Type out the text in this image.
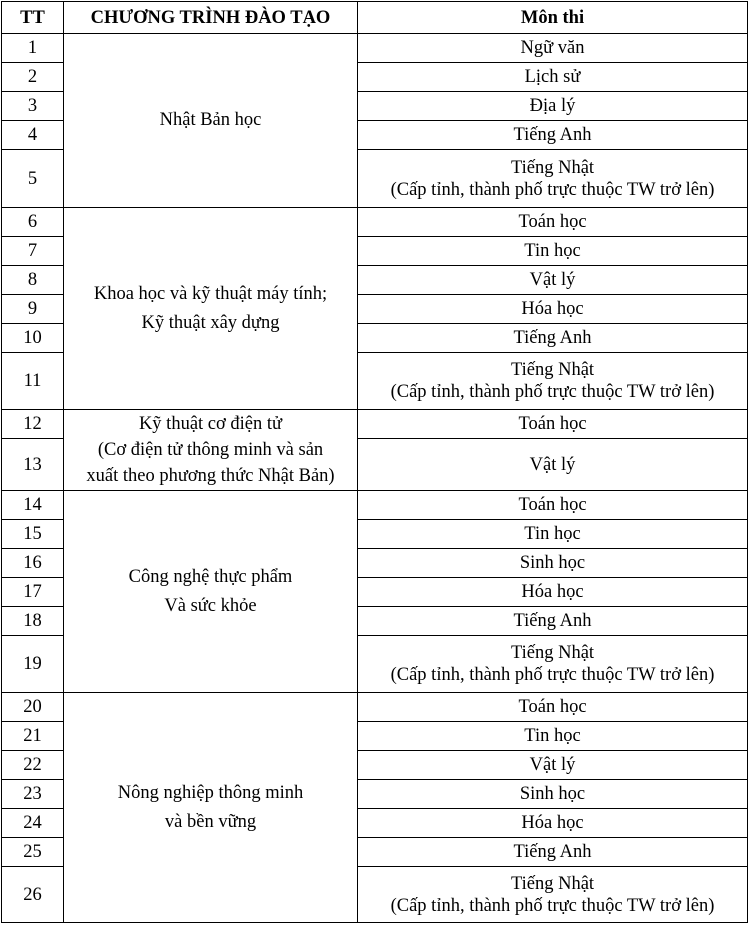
TT	CHƯƠNG TRÌNH ĐÀO TẠO	Môn thi
1	Nhật Bản học	Ngữ văn

2		Lịch sử

3		Địa lý

4		Tiếng Anh

5		Tiếng Nhật
(Cấp tỉnh, thành phố trực thuộc TW trở lên)

6	Khoa học và kỹ thuật máy tính;
Kỹ thuật xây dựng	Toán học

7		Tin học

8		Vật lý

9		Hóa học

10		Tiếng Anh

11		Tiếng Nhật
(Cấp tỉnh, thành phố trực thuộc TW trở lên)

12	Kỹ thuật cơ điện tử
(Cơ điện tử thông minh và sản
xuất theo phương thức Nhật Bản)	Toán học

13		Vật lý

14	Công nghệ thực phẩm
Và sức khỏe	Toán học

15		Tin học

16		Sinh học

17		Hóa học

18		Tiếng Anh

19		Tiếng Nhật
(Cấp tỉnh, thành phố trực thuộc TW trở lên)

20	Nông nghiệp thông minh
và bền vững	Toán học

21		Tin học

22		Vật lý

23		Sinh học

24		Hóa học

25		Tiếng Anh

26		Tiếng Nhật
(Cấp tỉnh, thành phố trực thuộc TW trở lên)
